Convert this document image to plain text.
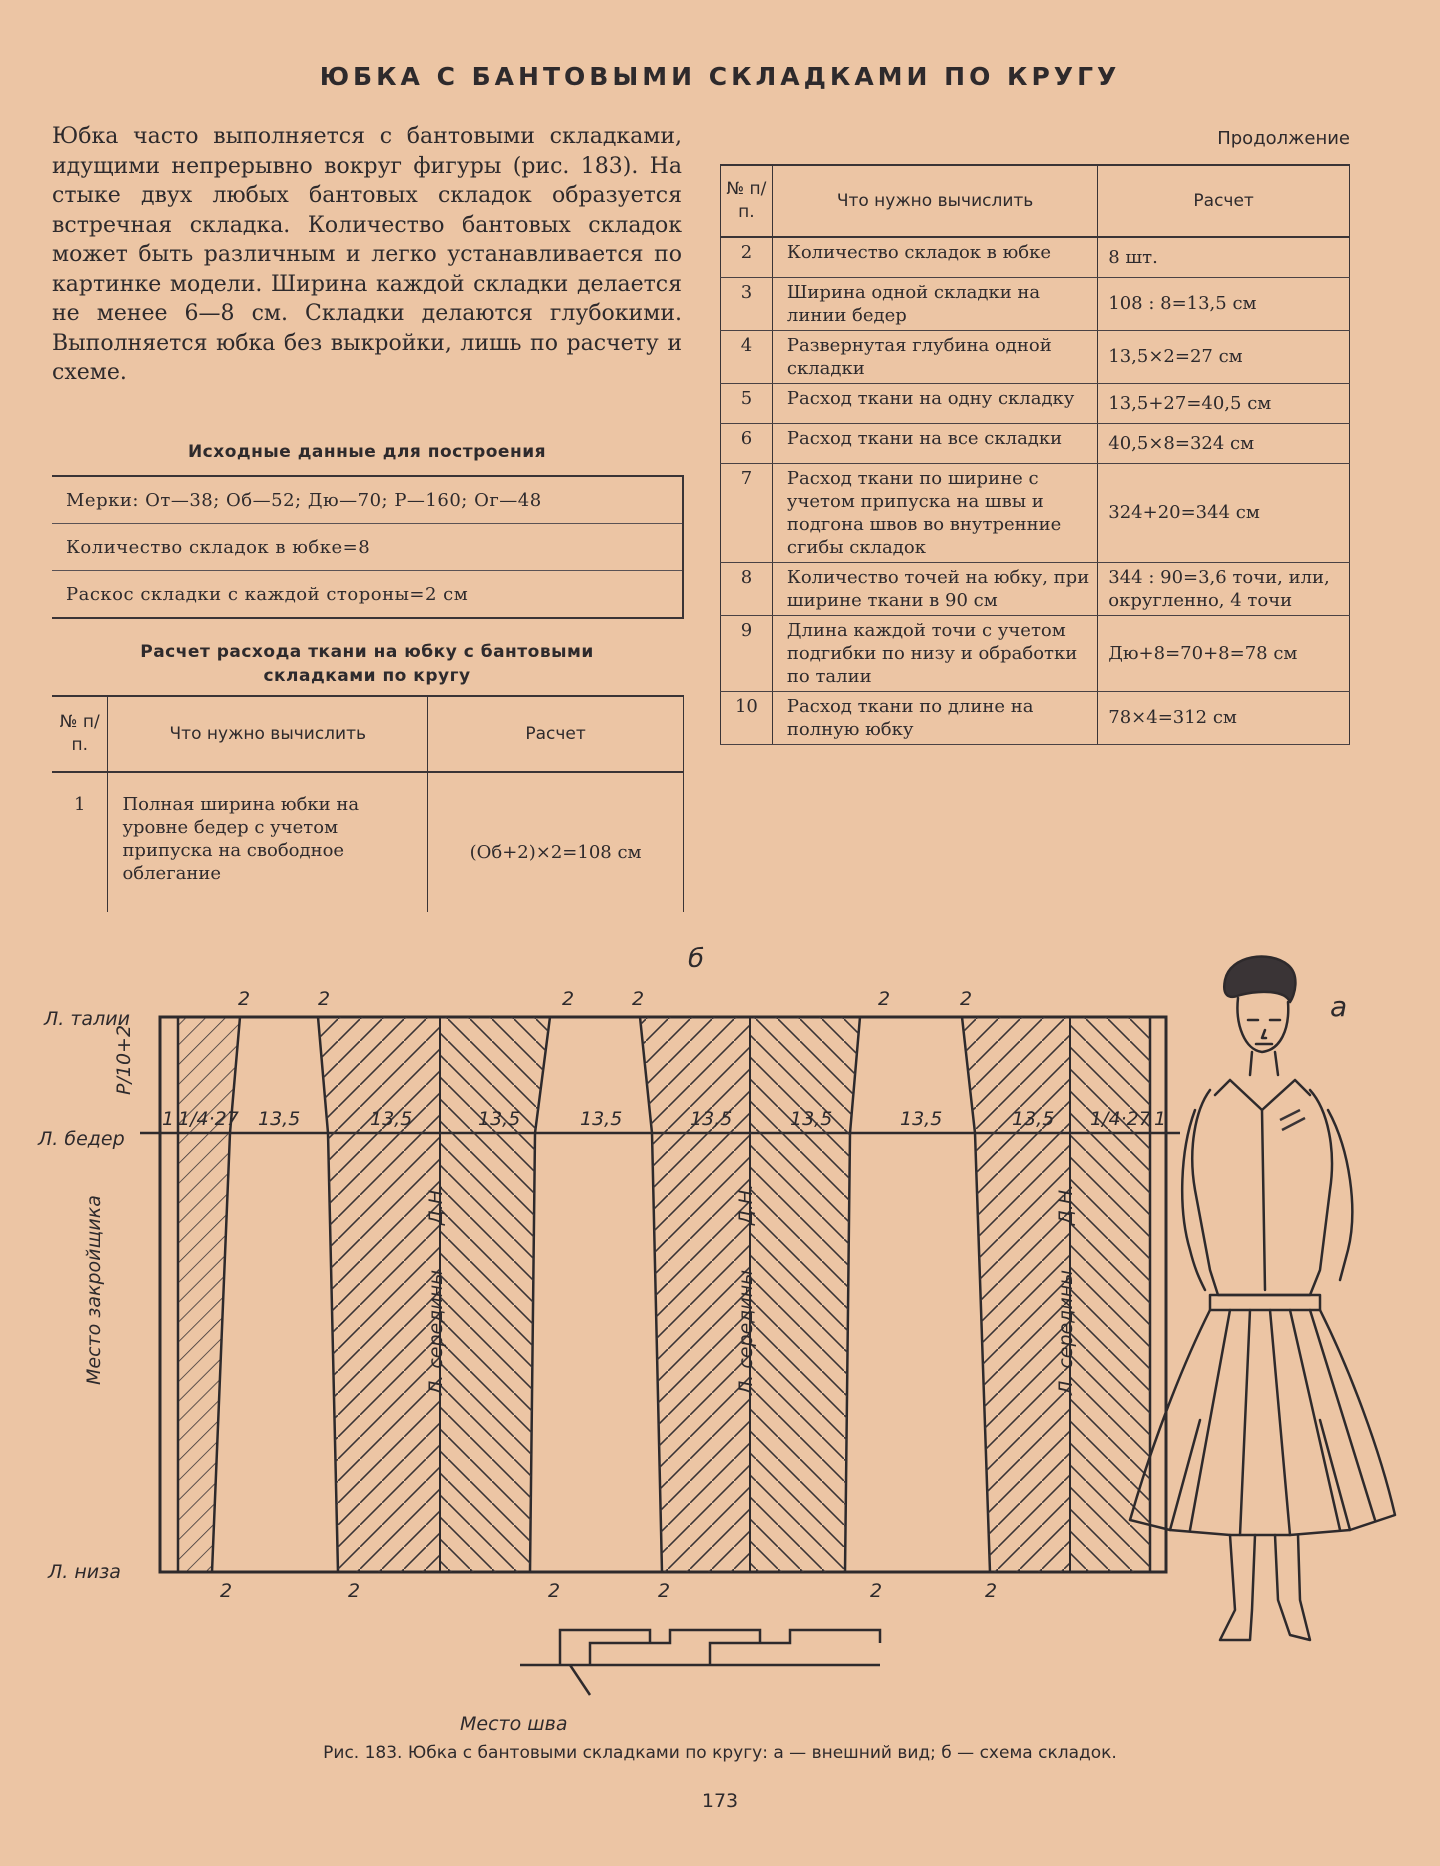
ЮБКА С БАНТОВЫМИ СКЛАДКАМИ ПО КРУГУ
Юбка часто выполняется с бантовыми складками, идущими непрерывно вокруг фигуры (рис. 183). На стыке двух любых бантовых складок образуется встречная складка. Количество бантовых складок может быть различным и легко устанавливается по картинке модели. Ширина каждой складки делается не менее 6—8 см. Складки делаются глубокими. Выполняется юбка без выкройки, лишь по расчету и схеме.
Исходные данные для построения
Мерки: От—38; Об—52; Дю—70; Р—160; Ог—48
Количество складок в юбке=8
Раскос складки с каждой стороны=2 см
Расчет расхода ткани на юбку с бантовыми
складками по кругу
№ п/п.	Что нужно вычислить	Расчет
1	Полная ширина юбки на уровне бедер с учетом припуска на свободное облегание	(Об+2)×2=108 см
Продолжение
№ п/п.	Что нужно вычислить	Расчет
2	Количество складок в юбке	8 шт.
3	Ширина одной складки на линии бедер	108 : 8=13,5 см
4	Развернутая глубина одной складки	13,5×2=27 см
5	Расход ткани на одну складку	13,5+27=40,5 см
6	Расход ткани на все складки	40,5×8=324 см
7	Расход ткани по ширине с учетом припуска на швы и подгона швов во внутренние сгибы складок	324+20=344 см
8	Количество точей на юбку, при ширине ткани в 90 см	344 : 90=3,6 точи, или, округленно, 4 точи
9	Длина каждой точи с учетом подгибки по низу и обработки по талии	Дю+8=70+8=78 см
10	Расход ткани по длине на полную юбку	78×4=312 см
б
а
Л. талии
Л. бедер
Л. низа
Р/10+2
Место закройщика
1 1/4·27 13,5	13,5	13,5	13,5	13,5	13,5	13,5	13,5 1/4·27 1
2	2	2	2	2	2
2	2	2	2	2	2
Л. середины	Л. середины	Л. середины
Д.Н.	Д.Н.	Д.Н.
Место шва
Рис. 183. Юбка с бантовыми складками по кругу: а — внешний вид; б — схема складок.
173
